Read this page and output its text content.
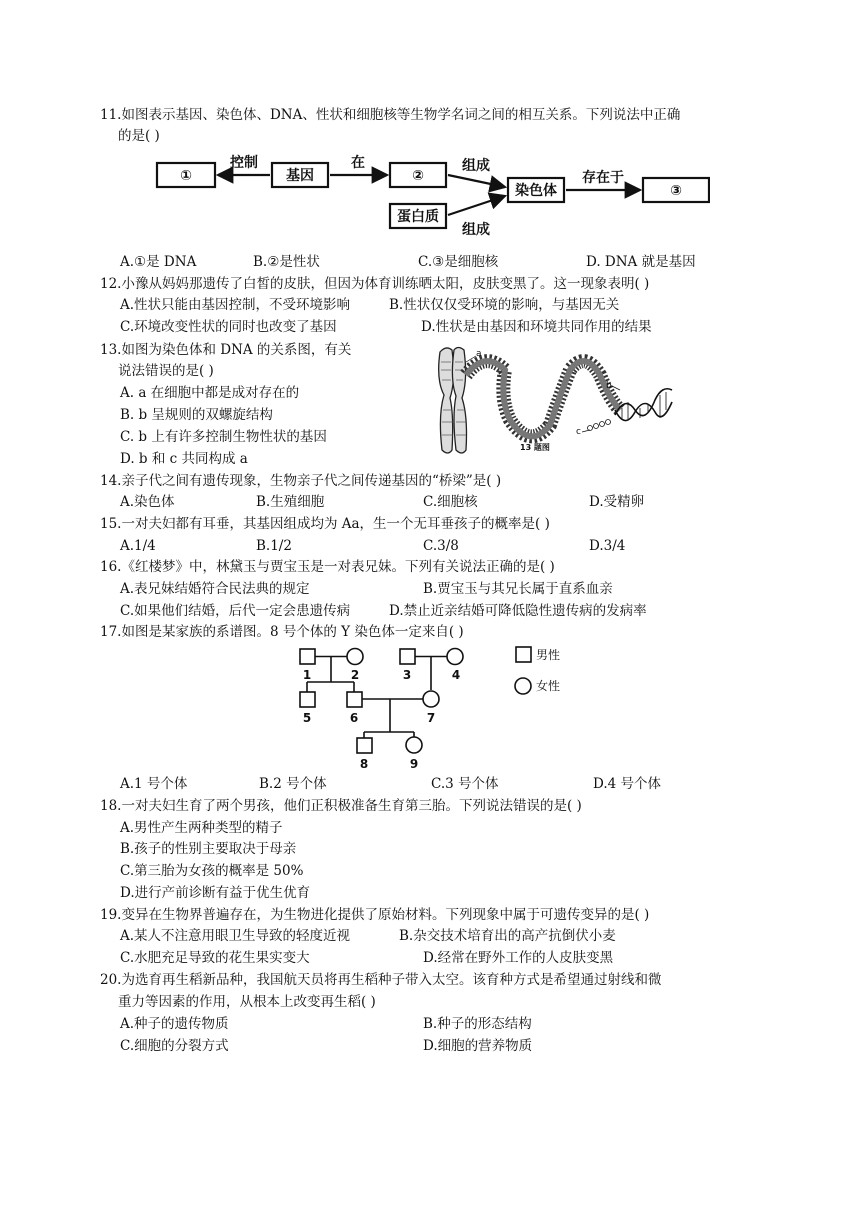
11.如图表示基因、染色体、DNA、性状和细胞核等生物学名词之间的相互关系。下列说法中正确
的是( )
①	基因	②
蛋白质
染色体	③
控制	在	组成
组成
存在于
A.①是 DNA	B.②是性状	C.③是细胞核	D. DNA 就是基因
12.小豫从妈妈那遗传了白皙的皮肤，但因为体育训练晒太阳，皮肤变黑了。这一现象表明( )
A.性状只能由基因控制，不受环境影响	B.性状仅仅受环境的影响，与基因无关
C.环境改变性状的同时也改变了基因	D.性状是由基因和环境共同作用的结果
13.如图为染色体和 DNA 的关系图，有关
说法错误的是( )
A. a 在细胞中都是成对存在的
B. b 呈规则的双螺旋结构
C. b 上有许多控制生物性状的基因
D. b 和 c 共同构成 a
a
b
c
13 题图
14.亲子代之间有遗传现象，生物亲子代之间传递基因的“桥梁”是( )
A.染色体	B.生殖细胞	C.细胞核	D.受精卵
15.一对夫妇都有耳垂，其基因组成均为 Aa，生一个无耳垂孩子的概率是( )
A.1/4	B.1/2	C.3/8	D.3/4
16.《红楼梦》中，林黛玉与贾宝玉是一对表兄妹。下列有关说法正确的是( )
A.表兄妹结婚符合民法典的规定	B.贾宝玉与其兄长属于直系血亲
C.如果他们结婚，后代一定会患遗传病	D.禁止近亲结婚可降低隐性遗传病的发病率
17.如图是某家族的系谱图。8 号个体的 Y 染色体一定来自( )
1	2	3	4
5	6	7
8	9
男性
女性
A.1 号个体	B.2 号个体	C.3 号个体	D.4 号个体
18.一对夫妇生育了两个男孩，他们正积极准备生育第三胎。下列说法错误的是( )
A.男性产生两种类型的精子
B.孩子的性别主要取决于母亲
C.第三胎为女孩的概率是 50%
D.进行产前诊断有益于优生优育
19.变异在生物界普遍存在，为生物进化提供了原始材料。下列现象中属于可遗传变异的是( )
A.某人不注意用眼卫生导致的轻度近视	B.杂交技术培育出的高产抗倒伏小麦
C.水肥充足导致的花生果实变大	D.经常在野外工作的人皮肤变黑
20.为选育再生稻新品种，我国航天员将再生稻种子带入太空。该育种方式是希望通过射线和微
重力等因素的作用，从根本上改变再生稻( )
A.种子的遗传物质	B.种子的形态结构
C.细胞的分裂方式	D.细胞的营养物质
